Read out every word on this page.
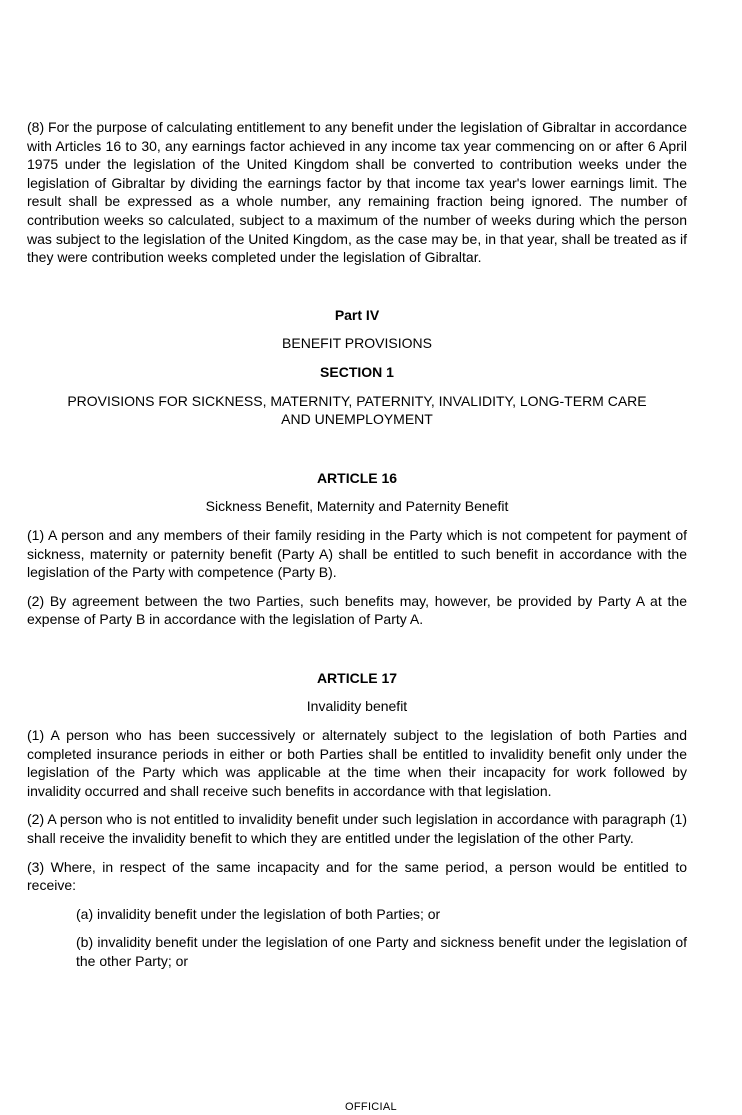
(8) For the purpose of calculating entitlement to any benefit under the legislation of Gibraltar in accordance with Articles 16 to 30, any earnings factor achieved in any income tax year commencing on or after 6 April 1975 under the legislation of the United Kingdom shall be converted to contribution weeks under the legislation of Gibraltar by dividing the earnings factor by that income tax year's lower earnings limit. The result shall be expressed as a whole number, any remaining fraction being ignored. The number of contribution weeks so calculated, subject to a maximum of the number of weeks during which the person was subject to the legislation of the United Kingdom, as the case may be, in that year, shall be treated as if they were contribution weeks completed under the legislation of Gibraltar.

Part IV

BENEFIT PROVISIONS

SECTION 1

PROVISIONS FOR SICKNESS, MATERNITY, PATERNITY, INVALIDITY, LONG-TERM CARE

AND UNEMPLOYMENT

ARTICLE 16

Sickness Benefit, Maternity and Paternity Benefit

(1) A person and any members of their family residing in the Party which is not competent for payment of sickness, maternity or paternity benefit (Party A) shall be entitled to such benefit in accordance with the legislation of the Party with competence (Party B).

(2) By agreement between the two Parties, such benefits may, however, be provided by Party A at the expense of Party B in accordance with the legislation of Party A.

ARTICLE 17

Invalidity benefit

(1) A person who has been successively or alternately subject to the legislation of both Parties and completed insurance periods in either or both Parties shall be entitled to invalidity benefit only under the legislation of the Party which was applicable at the time when their incapacity for work followed by invalidity occurred and shall receive such benefits in accordance with that legislation.

(2) A person who is not entitled to invalidity benefit under such legislation in accordance with paragraph (1) shall receive the invalidity benefit to which they are entitled under the legislation of the other Party.

(3) Where, in respect of the same incapacity and for the same period, a person would be entitled to receive:

(a) invalidity benefit under the legislation of both Parties; or

(b) invalidity benefit under the legislation of one Party and sickness benefit under the legislation of the other Party; or

OFFICIAL
